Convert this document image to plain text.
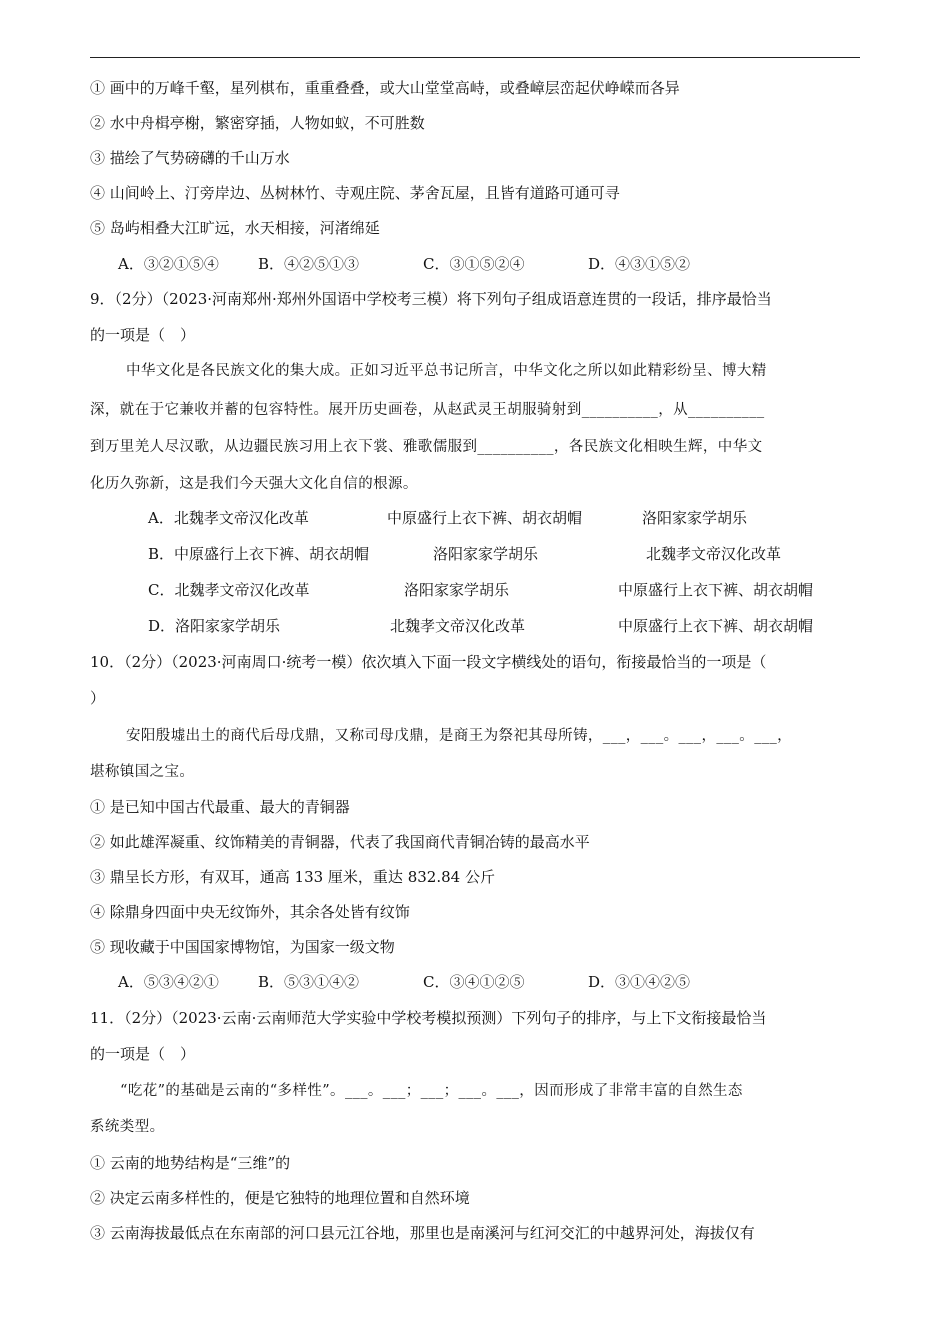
① 画中的万峰千壑，星列棋布，重重叠叠，或大山堂堂高峙，或叠嶂层峦起伏峥嵘而各异
② 水中舟楫亭榭，繁密穿插，人物如蚁，不可胜数
③ 描绘了气势磅礴的千山万水
④ 山间岭上、汀旁岸边、丛树林竹、寺观庄院、茅舍瓦屋，且皆有道路可通可寻
⑤ 岛屿相叠大江旷远，水天相接，河渚绵延
A．③②①⑤④	B．④②⑤①③	C．③①⑤②④	D．④③①⑤②
9．（2分）（2023·河南郑州·郑州外国语中学校考三模）将下列句子组成语意连贯的一段话，排序最恰当
的一项是（　）
中华文化是各民族文化的集大成。正如习近平总书记所言，中华文化之所以如此精彩纷呈、博大精
深，就在于它兼收并蓄的包容特性。展开历史画卷，从赵武灵王胡服骑射到__________，从__________
到万里羌人尽汉歌，从边疆民族习用上衣下裳、雅歌儒服到__________，各民族文化相映生辉，中华文
化历久弥新，这是我们今天强大文化自信的根源。
A．北魏孝文帝汉化改革	中原盛行上衣下裤、胡衣胡帽	洛阳家家学胡乐
B．中原盛行上衣下裤、胡衣胡帽	洛阳家家学胡乐	北魏孝文帝汉化改革
C．北魏孝文帝汉化改革	洛阳家家学胡乐	中原盛行上衣下裤、胡衣胡帽
D．洛阳家家学胡乐	北魏孝文帝汉化改革	中原盛行上衣下裤、胡衣胡帽
10．（2分）（2023·河南周口·统考一模）依次填入下面一段文字横线处的语句，衔接最恰当的一项是（
）
安阳殷墟出土的商代后母戊鼎，又称司母戊鼎，是商王为祭祀其母所铸，___，___。___，___。___，
堪称镇国之宝。
① 是已知中国古代最重、最大的青铜器
② 如此雄浑凝重、纹饰精美的青铜器，代表了我国商代青铜冶铸的最高水平
③ 鼎呈长方形，有双耳，通高 133 厘米，重达 832.84 公斤
④ 除鼎身四面中央无纹饰外，其余各处皆有纹饰
⑤ 现收藏于中国国家博物馆，为国家一级文物
A．⑤③④②①	B．⑤③①④②	C．③④①②⑤	D．③①④②⑤
11．（2分）（2023·云南·云南师范大学实验中学校考模拟预测）下列句子的排序，与上下文衔接最恰当
的一项是（　）
“吃花”的基础是云南的“多样性”。___。___；___；___。___，因而形成了非常丰富的自然生态
系统类型。
① 云南的地势结构是“三维”的
② 决定云南多样性的，便是它独特的地理位置和自然环境
③ 云南海拔最低点在东南部的河口县元江谷地，那里也是南溪河与红河交汇的中越界河处，海拔仅有
